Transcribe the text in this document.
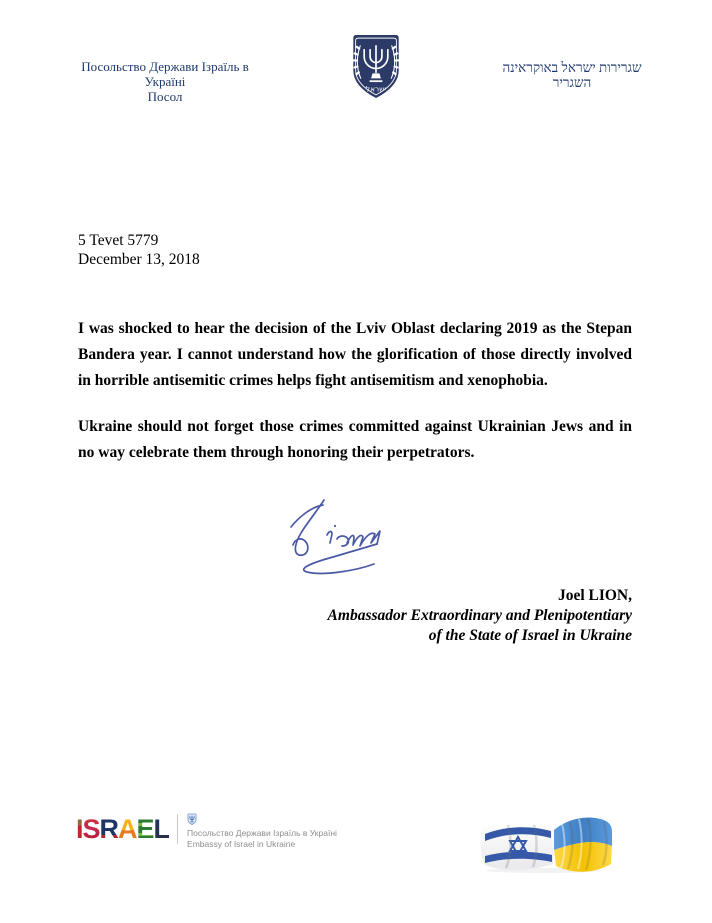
Посольство Держави Ізраїль в Україні
Посол	ישראל
שגרירות ישראל באוקראינה
השגריר
5 Tevet 5779
December 13, 2018
I was shocked to hear the decision of the Lviv Oblast declaring 2019 as the Stepan Bandera year. I cannot understand how the glorification of those directly involved in horrible antisemitic crimes helps fight antisemitism and xenophobia.
Ukraine should not forget those crimes committed against Ukrainian Jews and in no way celebrate them through honoring their perpetrators.
Joel LION,
Ambassador Extraordinary and Plenipotentiary
of the State of Israel in Ukraine
I S R A E L Посольство Держави Ізраїль в Україні
Embassy of Israel in Ukraine
